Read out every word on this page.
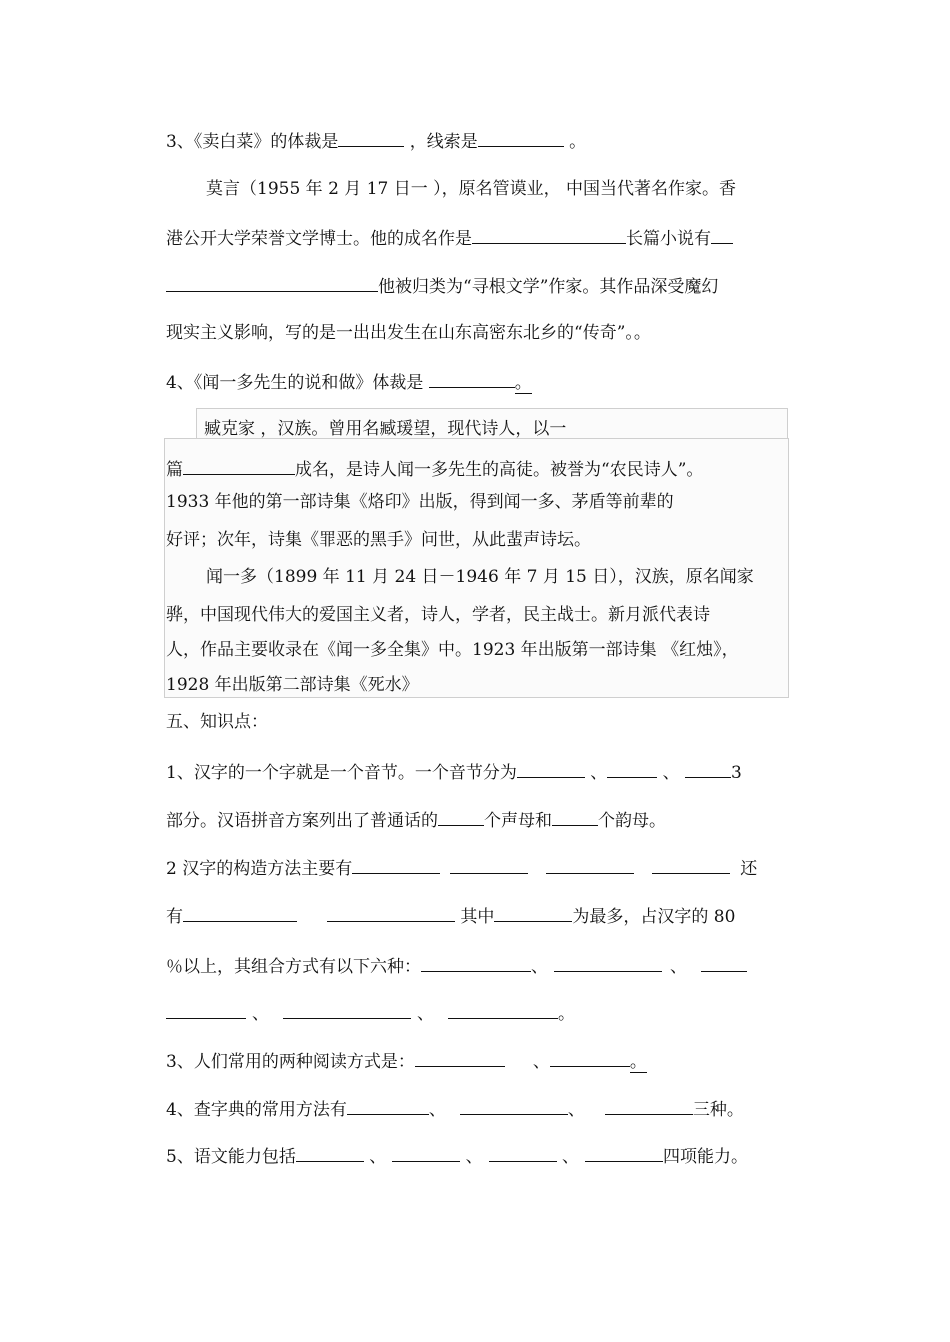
3、《卖白菜》的体裁是	，线索是	。
莫言（1955 年 2 月 17 日一 ），原名管谟业， 中国当代著名作家。香
港公开大学荣誉文学博士。他的成名作是	长篇小说有
他被归类为“寻根文学”作家。其作品深受魔幻
现实主义影响，写的是一出出发生在山东高密东北乡的“传奇”。。
4、《闻一多先生的说和做》体裁是	。
臧克家 ，汉族。曾用名臧瑗望，现代诗人，以一
篇	成名，是诗人闻一多先生的高徒。被誉为“农民诗人”。
1933 年他的第一部诗集《烙印》出版，得到闻一多、茅盾等前辈的
好评；次年，诗集《罪恶的黑手》问世，从此蜚声诗坛。
闻一多（1899 年 11 月 24 日－1946 年 7 月 15 日），汉族，原名闻家
骅，中国现代伟大的爱国主义者，诗人，学者，民主战士。新月派代表诗
人，作品主要收录在《闻一多全集》中。1923 年出版第一部诗集 《红烛》，
1928 年出版第二部诗集《死水》
五、知识点：
1、汉字的一个字就是一个音节。一个音节分为	、	、	3
部分。汉语拼音方案列出了普通话的	个声母和	个韵母。
2 汉字的构造方法主要有	还
有	其中	为最多，占汉字的 80
％以上，其组合方式有以下六种：	、	、
、	、	。
3、人们常用的两种阅读方式是：	、	。
4、查字典的常用方法有	、	、	三种。
5、语文能力包括	、	、	、	四项能力。
